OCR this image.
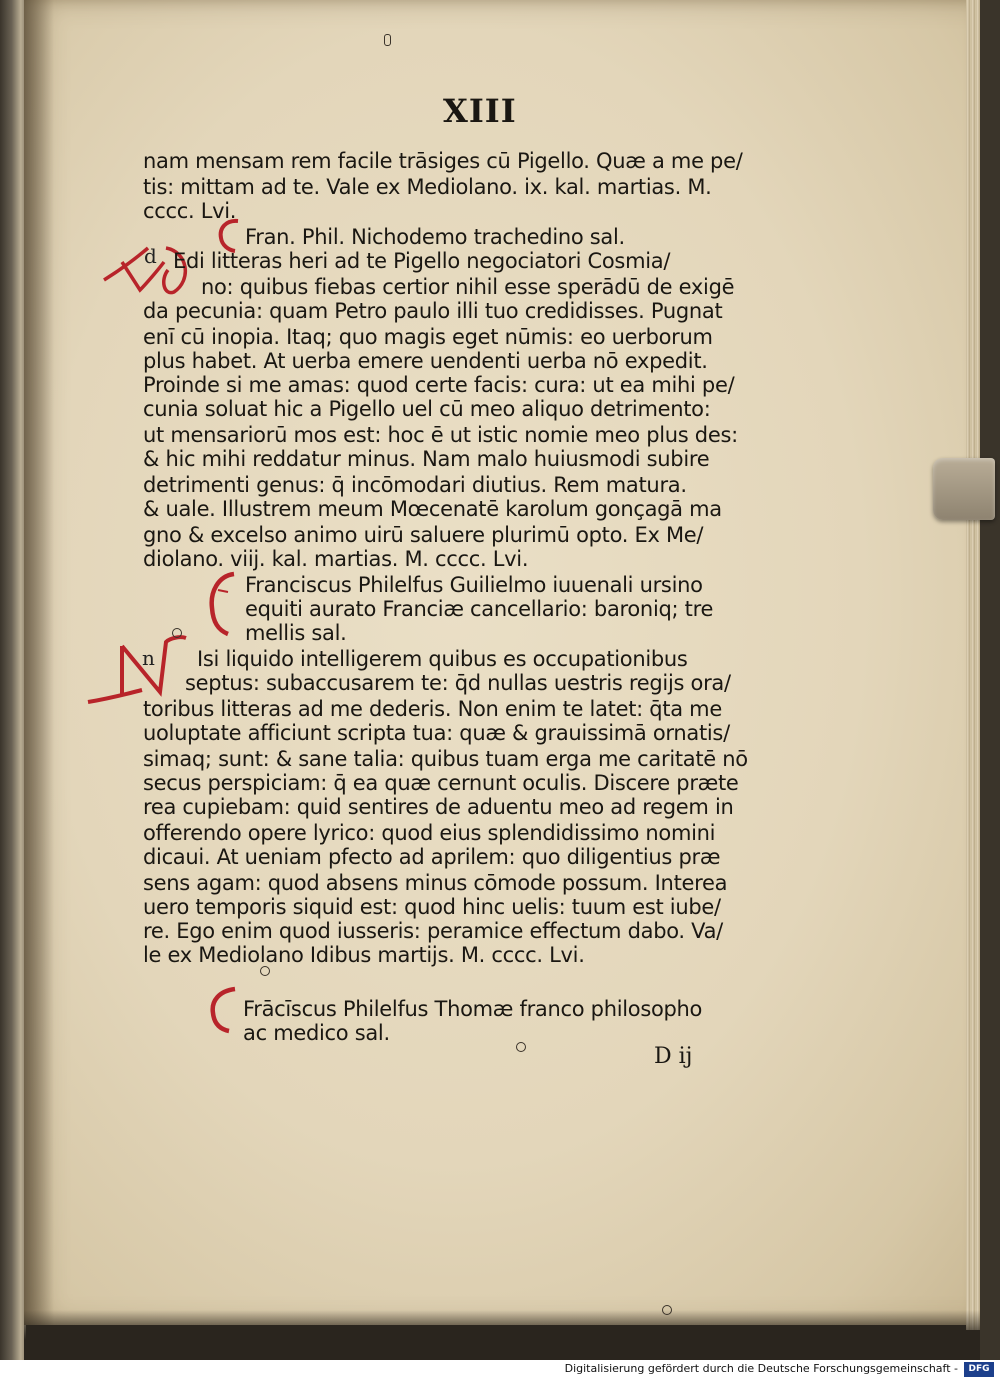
XIII
d
n
nam mensam rem facile trāsiges cū Pigello. Quæ a me pe/
tis: mittam ad te. Vale ex Mediolano. ix. kal. martias. M.
cccc. Lvi.
Fran. Phil. Nichodemo trachedino sal.
Edi litteras heri ad te Pigello negociatori Cosmia/
no: quibus fiebas certior nihil esse sperādū de exigē
da pecunia: quam Petro paulo illi tuo credidisses. Pugnat
enī cū inopia. Itaq; quo magis eget nūmis: eo uerborum
plus habet. At uerba emere uendenti uerba nō expedit.
Proinde si me amas: quod certe facis: cura: ut ea mihi pe/
cunia soluat hic a Pigello uel cū meo aliquo detrimento:
ut mensariorū mos est: hoc ē ut istic nomie meo plus des:
& hic mihi reddatur minus. Nam malo huiusmodi subire
detrimenti genus: q̄ incōmodari diutius. Rem matura.
& uale. Illustrem meum Mœcenatē karolum gonçagā ma
gno & excelso animo uirū saluere plurimū opto. Ex Me/
diolano. viij. kal. martias. M. cccc. Lvi.
Franciscus Philelfus Guilielmo iuuenali ursino
equiti aurato Franciæ cancellario: baroniq; tre
mellis sal.
Isi liquido intelligerem quibus es occupationibus
septus: subaccusarem te: q̄d nullas uestris regijs ora/
toribus litteras ad me dederis. Non enim te latet: q̄ta me
uoluptate afficiunt scripta tua: quæ & grauissimā ornatis/
simaq; sunt: & sane talia: quibus tuam erga me caritatē nō
secus perspiciam: q̄ ea quæ cernunt oculis. Discere præte
rea cupiebam: quid sentires de aduentu meo ad regem in
offerendo opere lyrico: quod eius splendidissimo nomini
dicaui. At ueniam pfecto ad aprilem: quo diligentius præ
sens agam: quod absens minus cōmode possum. Interea
uero temporis siquid est: quod hinc uelis: tuum est iube/
re. Ego enim quod iusseris: peramice effectum dabo. Va/
le ex Mediolano Idibus martijs. M. cccc. Lvi.
Frācīscus Philelfus Thomæ franco philosopho
ac medico sal.
D ij
Digitalisierung gefördert durch die Deutsche Forschungsgemeinschaft -	DFG
